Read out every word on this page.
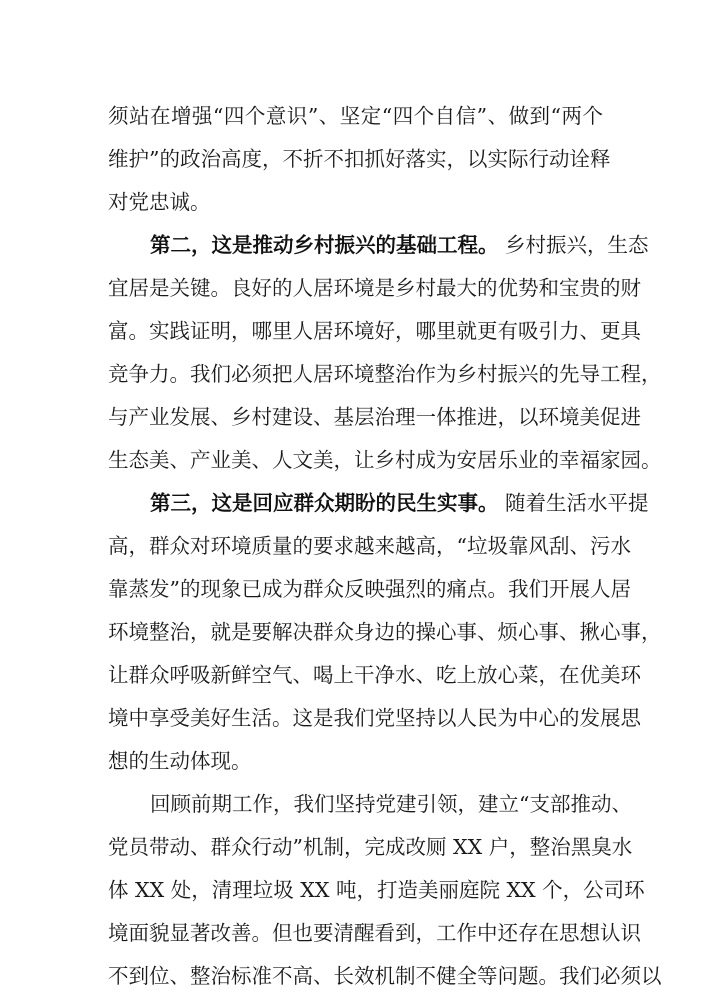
须站在增强“四个意识”、坚定“四个自信”、做到“两个
维护”的政治高度，不折不扣抓好落实，以实际行动诠释
对党忠诚。
第二，这是推动乡村振兴的基础工程。 乡村振兴，生态
宜居是关键。良好的人居环境是乡村最大的优势和宝贵的财
富。实践证明，哪里人居环境好，哪里就更有吸引力、更具
竞争力。我们必须把人居环境整治作为乡村振兴的先导工程，
与产业发展、乡村建设、基层治理一体推进，以环境美促进
生态美、产业美、人文美，让乡村成为安居乐业的幸福家园。
第三，这是回应群众期盼的民生实事。 随着生活水平提
高，群众对环境质量的要求越来越高，“垃圾靠风刮、污水
靠蒸发”的现象已成为群众反映强烈的痛点。我们开展人居
环境整治，就是要解决群众身边的操心事、烦心事、揪心事，
让群众呼吸新鲜空气、喝上干净水、吃上放心菜，在优美环
境中享受美好生活。这是我们党坚持以人民为中心的发展思
想的生动体现。
回顾前期工作，我们坚持党建引领，建立“支部推动、
党员带动、群众行动”机制，完成改厕 XX 户，整治黑臭水
体 XX 处，清理垃圾 XX 吨，打造美丽庭院 XX 个，公司环
境面貌显著改善。但也要清醒看到，工作中还存在思想认识
不到位、整治标准不高、长效机制不健全等问题。我们必须以
